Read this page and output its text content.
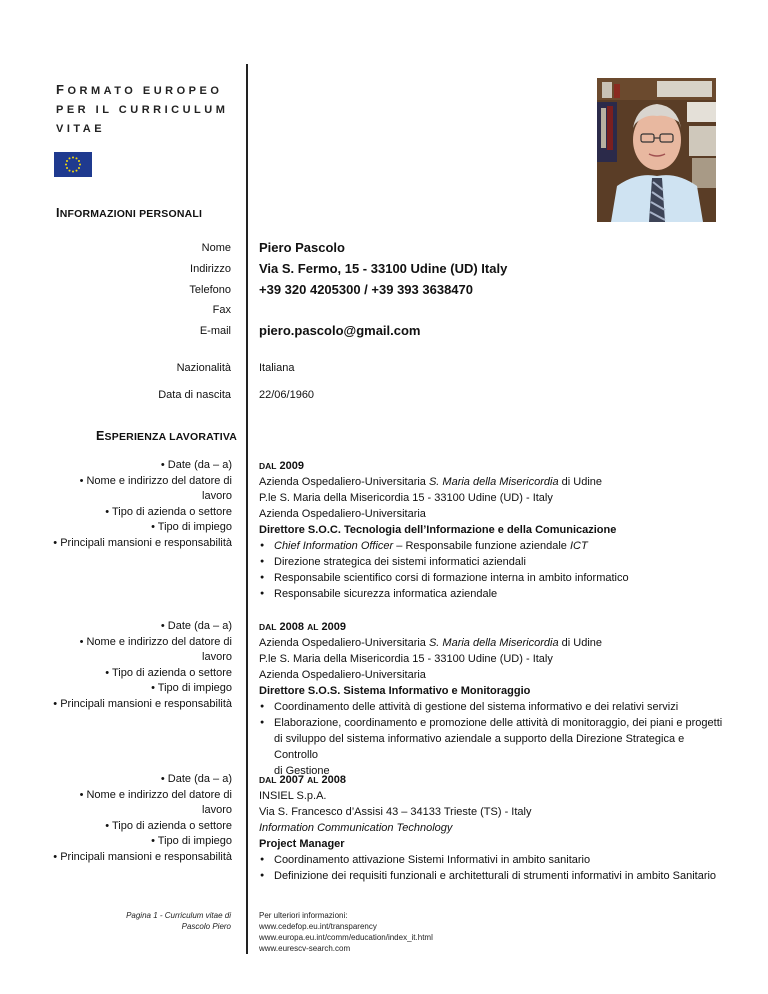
FORMATO EUROPEO
PER IL CURRICULUM
VITAE
INFORMAZIONI PERSONALI
Nome Piero Pascolo
Indirizzo Via S. Fermo, 15 - 33100 Udine (UD) Italy
Telefono +39 320 4205300 / +39 393 3638470
Fax
E-mail piero.pascolo@gmail.com
Nazionalità	Italiana
Data di nascita	22/06/1960
ESPERIENZA LAVORATIVA
• Date (da – a)
• Nome e indirizzo del datore di
lavoro
• Tipo di azienda o settore
• Tipo di impiego
• Principali mansioni e responsabilità
DAL 2009
Azienda Ospedaliero-Universitaria S. Maria della Misericordia di Udine
P.le S. Maria della Misericordia 15 - 33100 Udine (UD) - Italy
Azienda Ospedaliero-Universitaria
Direttore S.O.C. Tecnologia dell’Informazione e della Comunicazione
● Chief Information Officer – Responsabile funzione aziendale ICT
● Direzione strategica dei sistemi informatici aziendali
● Responsabile scientifico corsi di formazione interna in ambito informatico
● Responsabile sicurezza informatica aziendale
• Date (da – a)
• Nome e indirizzo del datore di
lavoro
• Tipo di azienda o settore
• Tipo di impiego
• Principali mansioni e responsabilità
DAL 2008 AL 2009
Azienda Ospedaliero-Universitaria S. Maria della Misericordia di Udine
P.le S. Maria della Misericordia 15 - 33100 Udine (UD) - Italy
Azienda Ospedaliero-Universitaria
Direttore S.O.S. Sistema Informativo e Monitoraggio
● Coordinamento delle attività di gestione del sistema informativo e dei relativi servizi
● Elaborazione, coordinamento e promozione delle attività di monitoraggio, dei piani e progetti
di sviluppo del sistema informativo aziendale a supporto della Direzione Strategica e Controllo
di Gestione
• Date (da – a)
• Nome e indirizzo del datore di
lavoro
• Tipo di azienda o settore
• Tipo di impiego
• Principali mansioni e responsabilità
DAL 2007 AL 2008
INSIEL S.p.A.
Via S. Francesco d’Assisi 43 – 34133 Trieste (TS) - Italy
Information Communication Technology
Project Manager
● Coordinamento attivazione Sistemi Informativi in ambito sanitario
● Definizione dei requisiti funzionali e architetturali di strumenti informativi in ambito Sanitario
Pagina 1 - Curriculum vitae di
Pascolo Piero
Per ulteriori informazioni:
www.cedefop.eu.int/transparency
www.europa.eu.int/comm/education/index_it.html
www.eurescv-search.com
